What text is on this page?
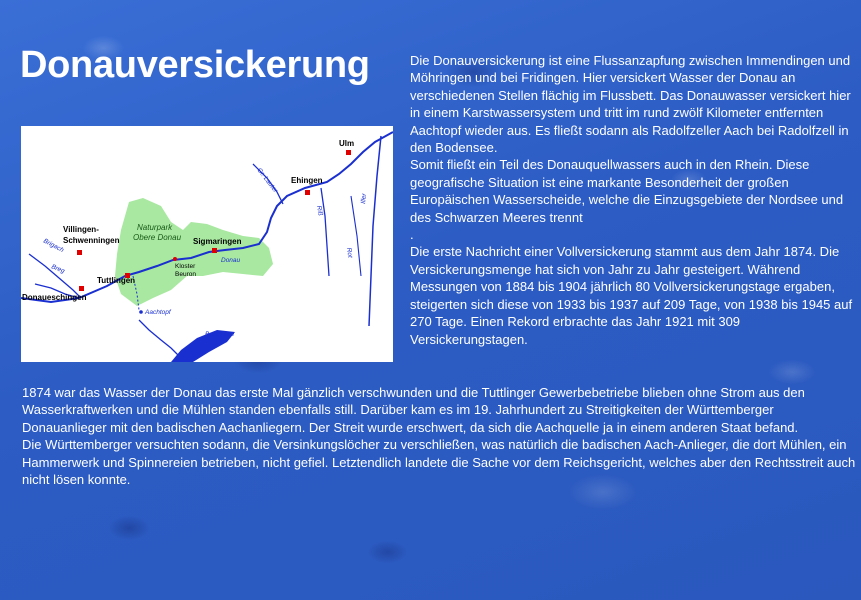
Donauversickerung
Ulm
Ehingen
Sigmaringen
Villingen-
Schwenningen
Tuttlingen
Donaueschingen
Naturpark
Obere Donau
Kloster
Beuron
Donau
Aachtopf
Bodensee
Gr. Lauter
Riß
Iller
Rot
Brigach
Breg

Die Donauversickerung ist eine Flussanzapfung zwischen Immendingen und Möhringen und bei Fridingen. Hier versickert Wasser der Donau an verschiedenen Stellen flächig im Flussbett. Das Donauwasser versickert hier in einem Karstwassersystem und tritt im rund zwölf Kilometer entfernten Aachtopf wieder aus. Es fließt sodann als Radolfzeller Aach bei Radolfzell in den Bodensee.

Somit fließt ein Teil des Donauquellwassers auch in den Rhein. Diese geografische Situation ist eine markante Besonderheit der großen Europäischen Wasserscheide, welche die Einzugsgebiete der Nordsee und des Schwarzen Meeres trennt

.

Die erste Nachricht einer Vollversickerung stammt aus dem Jahr 1874. Die Versickerungsmenge hat sich von Jahr zu Jahr gesteigert. Während Messungen von 1884 bis 1904 jährlich 80 Vollversickerungstage ergaben, steigerten sich diese von 1933 bis 1937 auf 209 Tage, von 1938 bis 1945 auf 270 Tage. Einen Rekord erbrachte das Jahr 1921 mit 309 Versickerungstagen.

1874 war das Wasser der Donau das erste Mal gänzlich verschwunden und die Tuttlinger Gewerbebetriebe blieben ohne Strom aus den Wasserkraftwerken und die Mühlen standen ebenfalls still. Darüber kam es im 19. Jahrhundert zu Streitigkeiten der Württemberger Donauanlieger mit den badischen Aachanliegern. Der Streit wurde erschwert, da sich die Aachquelle ja in einem anderen Staat befand.

Die Württemberger versuchten sodann, die Versinkungslöcher zu verschließen, was natürlich die badischen Aach-Anlieger, die dort Mühlen, ein Hammerwerk und Spinnereien betrieben, nicht gefiel. Letztendlich landete die Sache vor dem Reichsgericht, welches aber den Rechtsstreit auch nicht lösen konnte.
